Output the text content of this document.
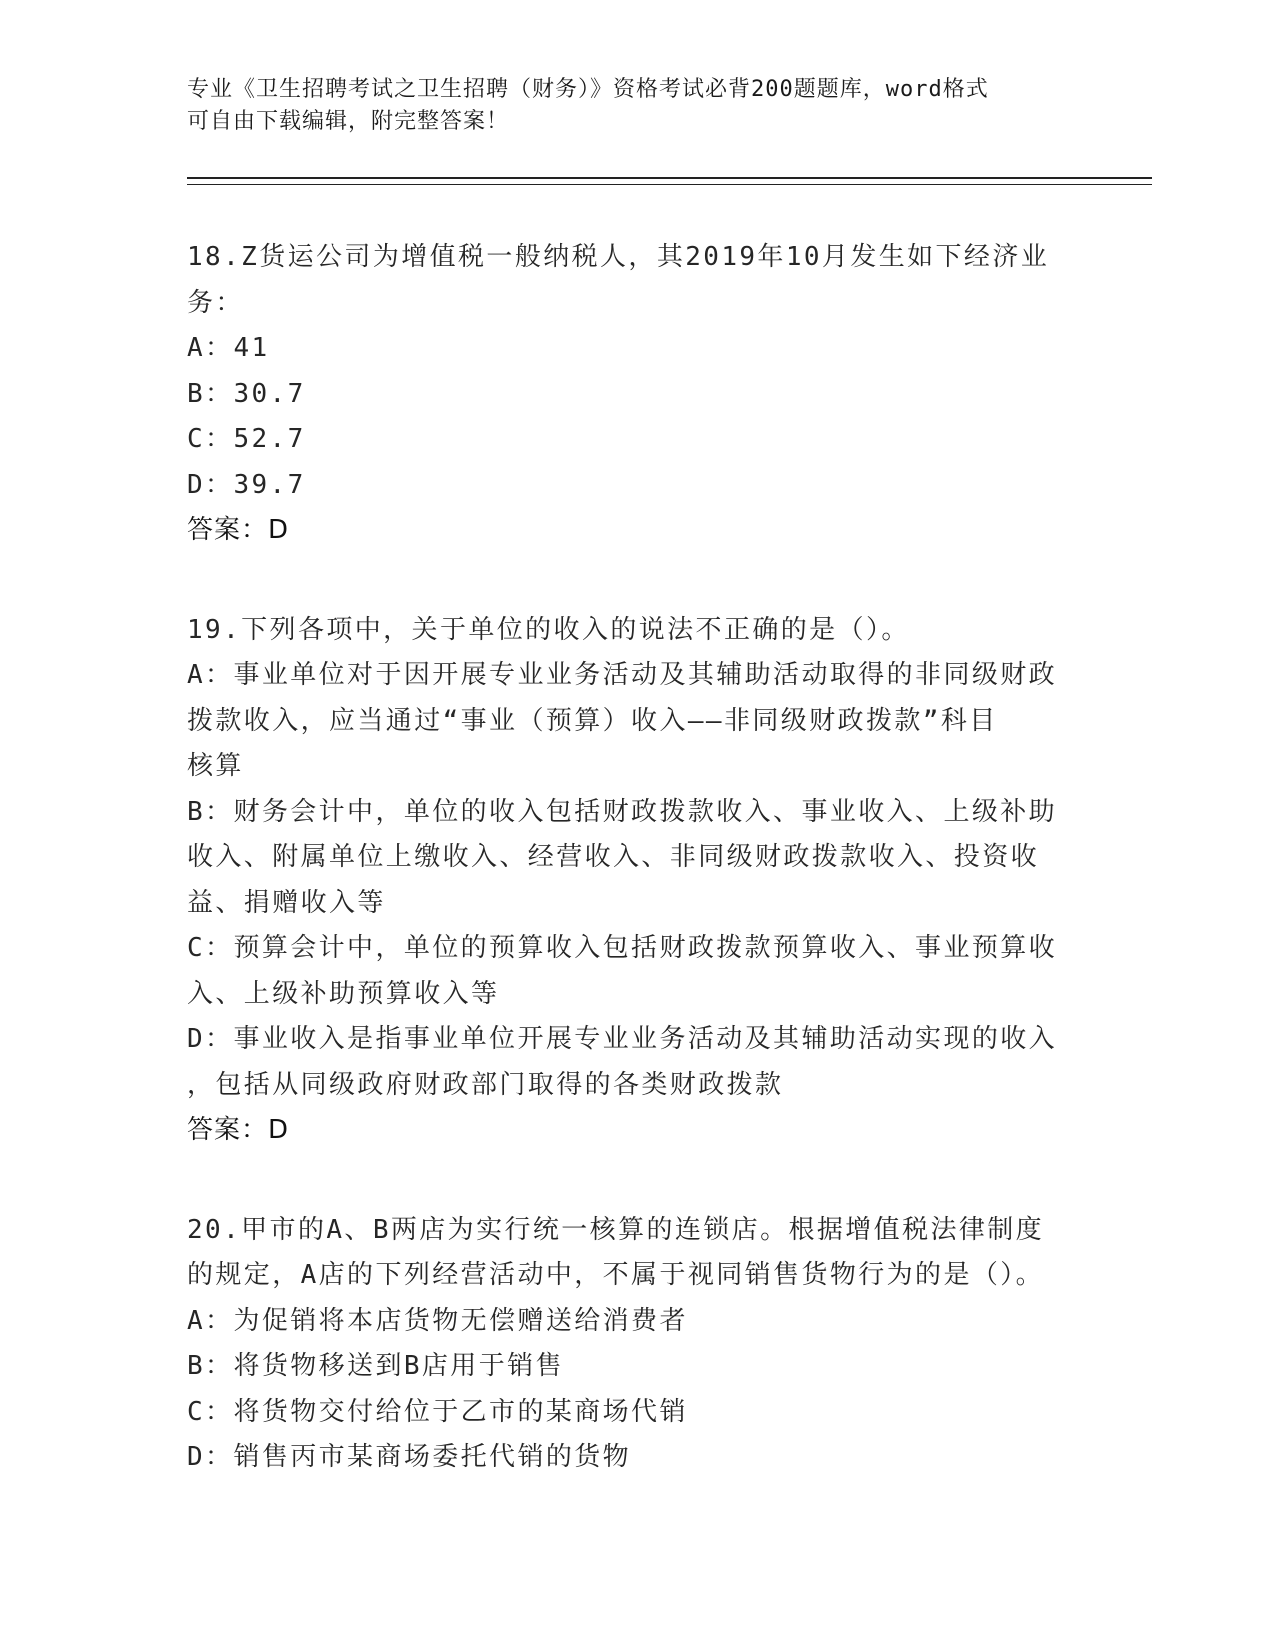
专业《卫生招聘考试之卫生招聘（财务）》资格考试必背200题题库，word格式
可自由下载编辑，附完整答案！
18.Z货运公司为增值税一般纳税人，其2019年10月发生如下经济业
务：
A：41
B：30.7
C：52.7
D：39.7
答案：D
19.下列各项中，关于单位的收入的说法不正确的是（）。
A：事业单位对于因开展专业业务活动及其辅助活动取得的非同级财政
拨款收入，应当通过“事业（预算）收入——非同级财政拨款”科目
核算
B：财务会计中，单位的收入包括财政拨款收入、事业收入、上级补助
收入、附属单位上缴收入、经营收入、非同级财政拨款收入、投资收
益、捐赠收入等
C：预算会计中，单位的预算收入包括财政拨款预算收入、事业预算收
入、上级补助预算收入等
D：事业收入是指事业单位开展专业业务活动及其辅助活动实现的收入
，包括从同级政府财政部门取得的各类财政拨款
答案：D
20.甲市的A、B两店为实行统一核算的连锁店。根据增值税法律制度
的规定，A店的下列经营活动中，不属于视同销售货物行为的是（）。
A：为促销将本店货物无偿赠送给消费者
B：将货物移送到B店用于销售
C：将货物交付给位于乙市的某商场代销
D：销售丙市某商场委托代销的货物
